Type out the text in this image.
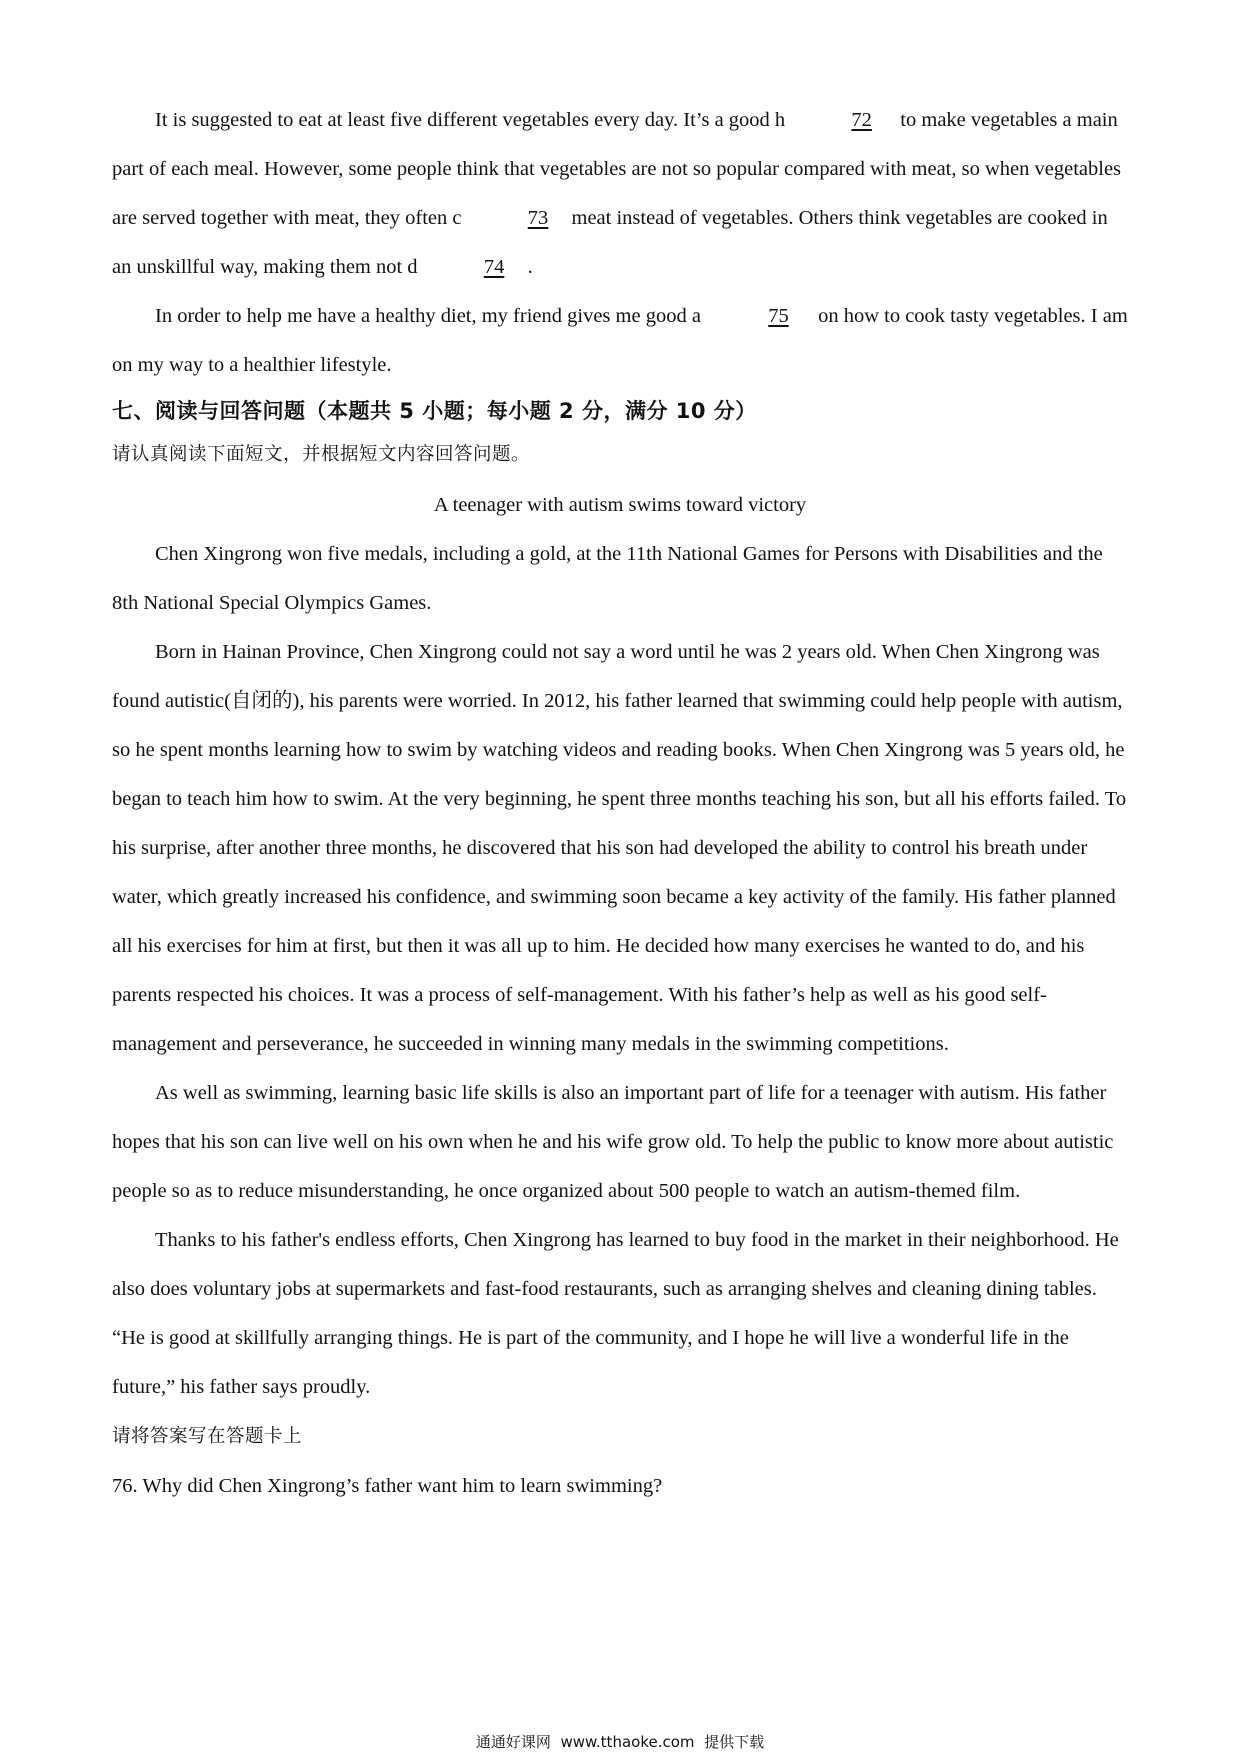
It is suggested to eat at least five different vegetables every day. It’s a good h	72 to make vegetables a main part of each meal. However, some people think that vegetables are not so popular compared with meat, so when vegetables are served together with meat, they often c	73 meat instead of vegetables. Others think vegetables are cooked in an unskillful way, making them not d	74 .

In order to help me have a healthy diet, my friend gives me good a	75 on how to cook tasty vegetables. I am on my way to a healthier lifestyle.

七、阅读与回答问题（本题共 5 小题；每小题 2 分，满分 10 分）

请认真阅读下面短文，并根据短文内容回答问题。

A teenager with autism swims toward victory

Chen Xingrong won five medals, including a gold, at the 11th National Games for Persons with Disabilities and the 8th National Special Olympics Games.

Born in Hainan Province, Chen Xingrong could not say a word until he was 2 years old. When Chen Xingrong was found autistic(自闭的), his parents were worried. In 2012, his father learned that swimming could help people with autism, so he spent months learning how to swim by watching videos and reading books. When Chen Xingrong was 5 years old, he began to teach him how to swim. At the very beginning, he spent three months teaching his son, but all his efforts failed. To his surprise, after another three months, he discovered that his son had developed the ability to control his breath under water, which greatly increased his confidence, and swimming soon became a key activity of the family. His father planned all his exercises for him at first, but then it was all up to him. He decided how many exercises he wanted to do, and his parents respected his choices. It was a process of self-management. With his father’s help as well as his good self-management and perseverance, he succeeded in winning many medals in the swimming competitions.

As well as swimming, learning basic life skills is also an important part of life for a teenager with autism. His father hopes that his son can live well on his own when he and his wife grow old. To help the public to know more about autistic people so as to reduce misunderstanding, he once organized about 500 people to watch an autism-themed film.

Thanks to his father's endless efforts, Chen Xingrong has learned to buy food in the market in their neighborhood. He also does voluntary jobs at supermarkets and fast-food restaurants, such as arranging shelves and cleaning dining tables. “He is good at skillfully arranging things. He is part of the community, and I hope he will live a wonderful life in the future,” his father says proudly.

请将答案写在答题卡上

76. Why did Chen Xingrong’s father want him to learn swimming?

通通好课网 www.tthaoke.com 提供下载
